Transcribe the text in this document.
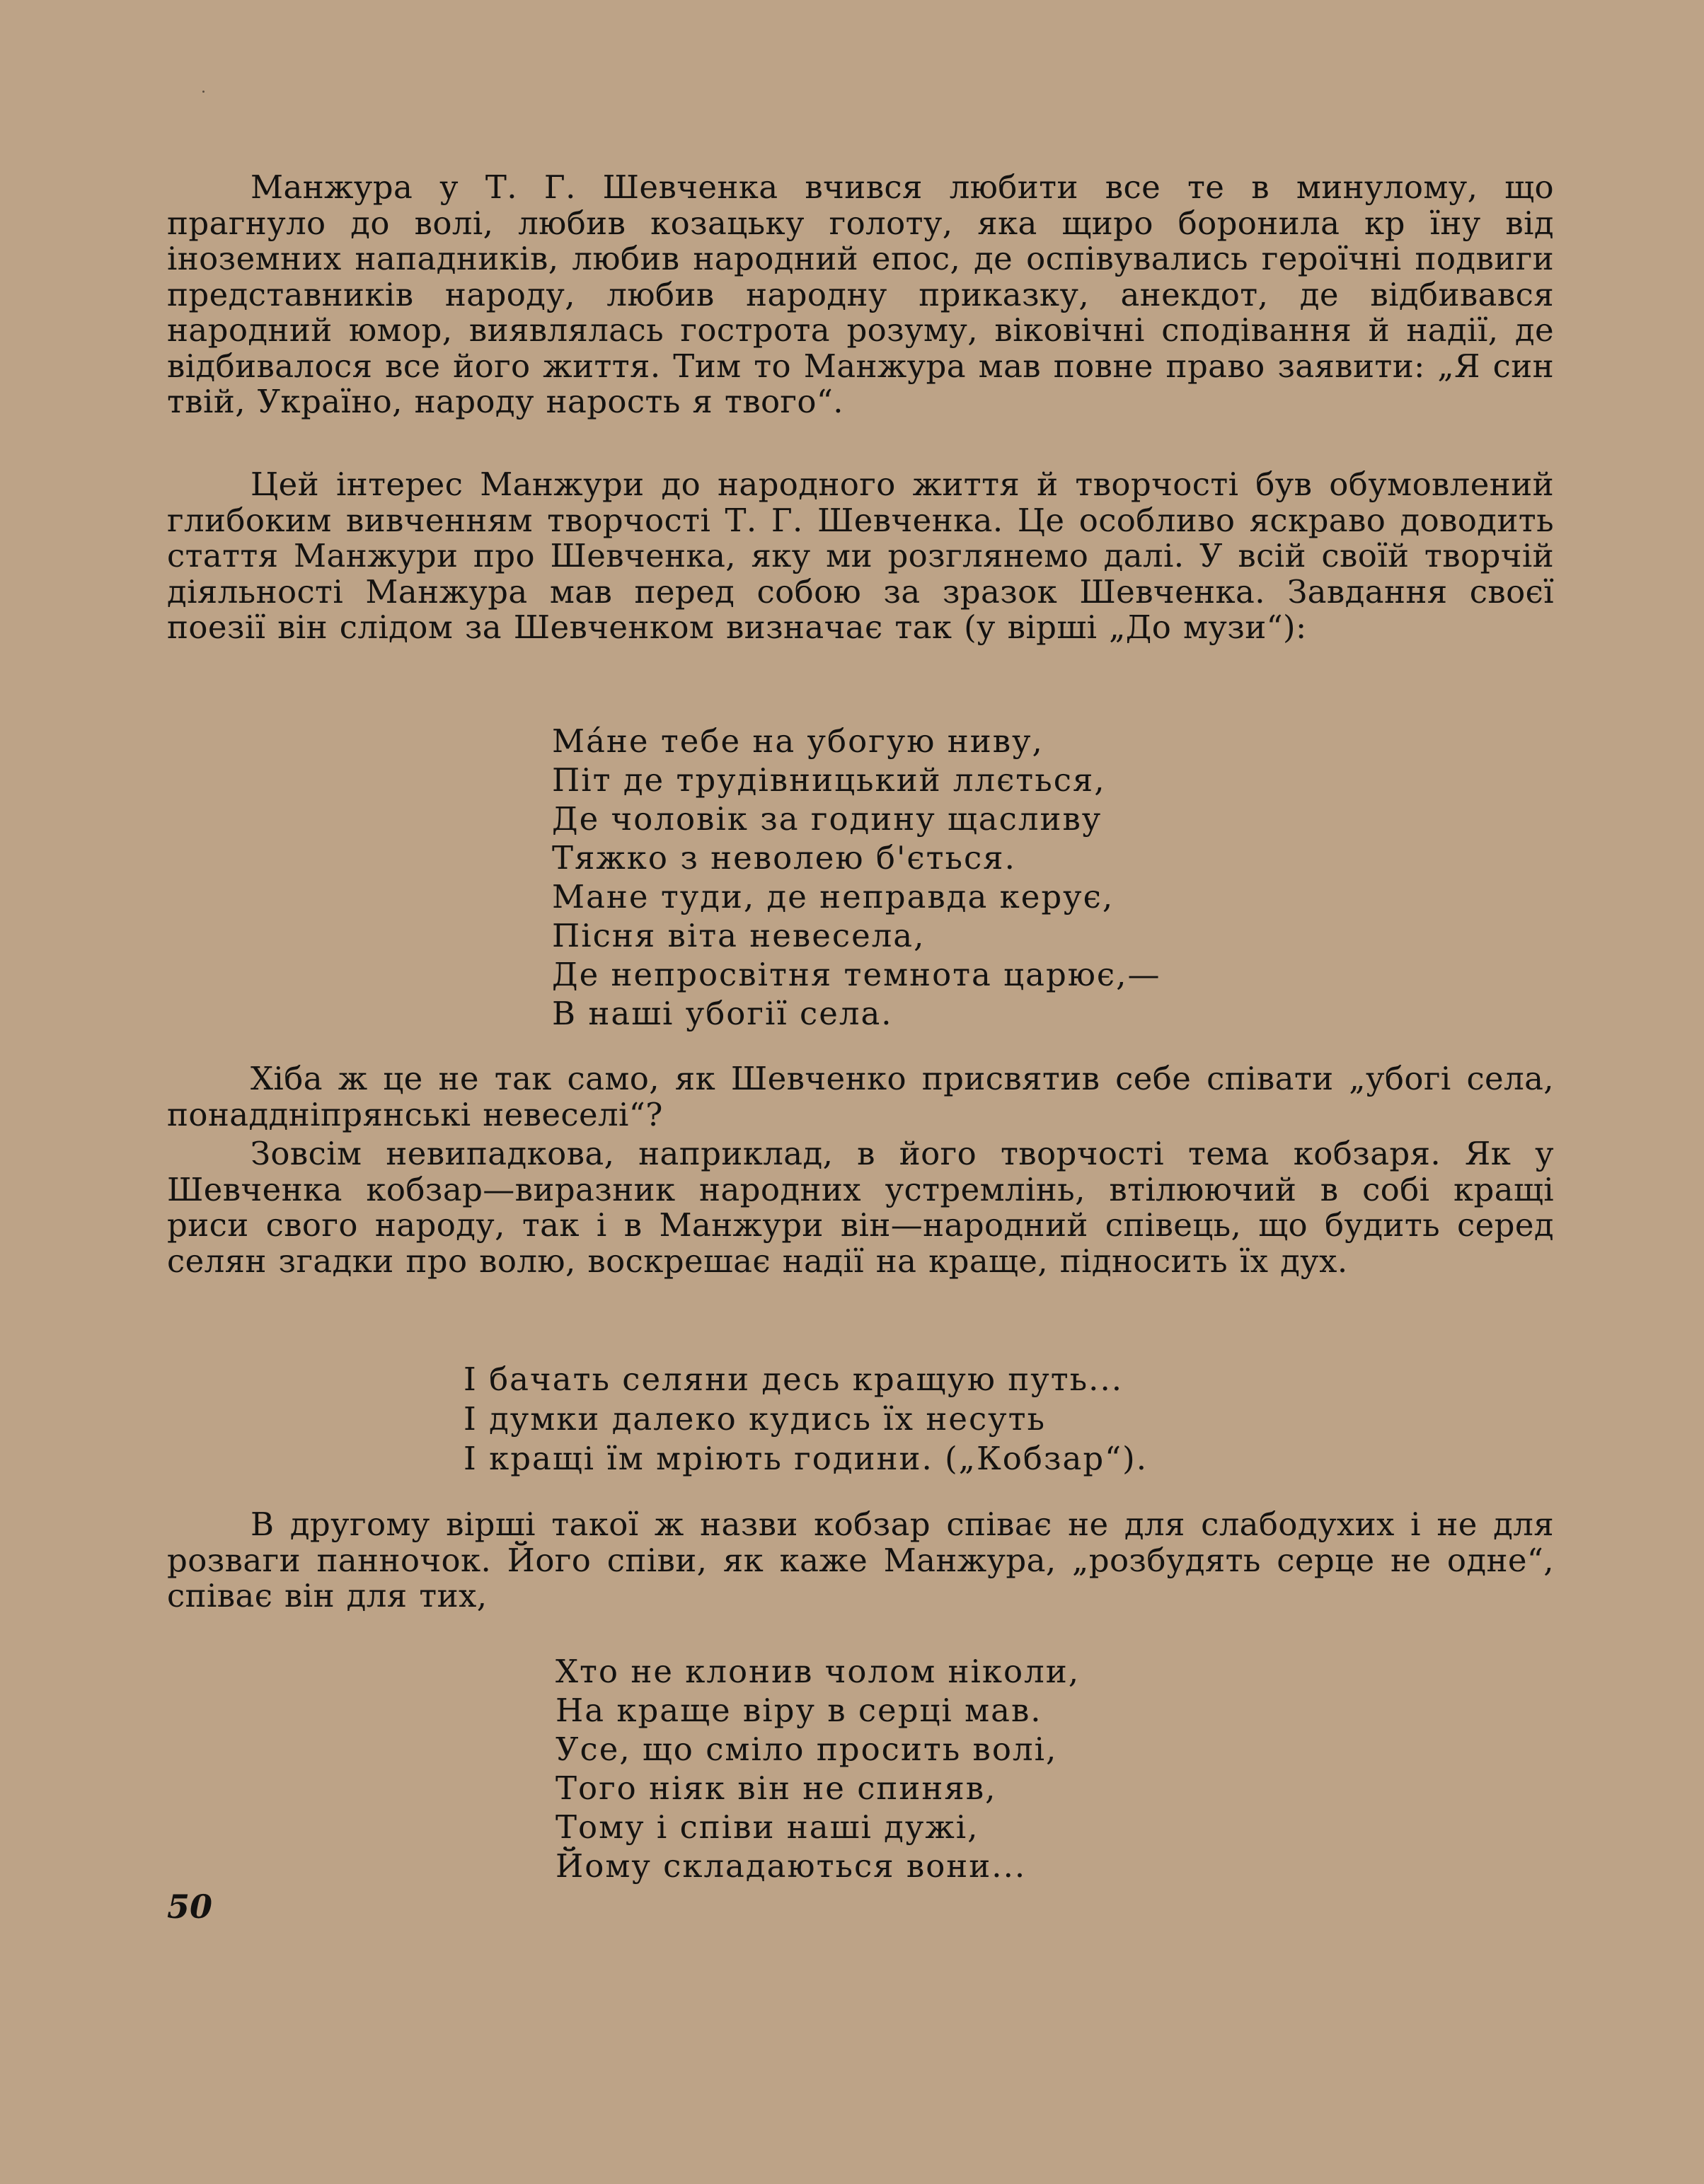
Манжура у Т. Г. Шевченка вчився любити все те в минулому, що прагнуло до волі, любив козацьку голоту, яка щиро боронила кр їну від іноземних нападників, любив народний епос, де оспівувались героїчні подвиги представників народу, любив народну приказку, анекдот, де відбивався народний юмор, виявлялась гострота розуму, віковічні сподівання й надії, де відбивалося все його життя. Тим то Манжура мав повне право заявити: „Я син твій, Україно, народу нарость я твого“.

Цей інтерес Манжури до народного життя й творчості був обумовлений глибоким вивченням творчості Т. Г. Шевченка. Це особливо яскраво доводить стаття Манжури про Шевченка, яку ми розглянемо далі. У всій своїй творчій діяльності Манжура мав перед собою за зразок Шевченка. Завдання своєї поезії він слідом за Шевченком визначає так (у вірші „До музи“):

Мáне тебе на убогую ниву,
Піт де трудівницький ллється,
Де чоловік за годину щасливу
Тяжко з неволею б'ється.
Мане туди, де неправда керує,
Пісня віта невесела,
Де непросвітня темнота царює,—
В наші убогії села.

Хіба ж це не так само, як Шевченко присвятив себе співати „убогі села, понаддніпрянські невеселі“?

Зовсім невипадкова, наприклад, в його творчості тема кобзаря. Як у Шевченка кобзар—виразник народних устремлінь, втілюючий в собі кращі риси свого народу, так і в Манжури він—народний співець, що будить серед селян згадки про волю, воскрешає надії на краще, підносить їх дух.

І бачать селяни десь кращую путь...
І думки далеко кудись їх несуть
І кращі їм мріють години. („Кобзар“).

В другому вірші такої ж назви кобзар співає не для слабодухих і не для розваги панночок. Його співи, як каже Манжура, „розбудять серце не одне“, співає він для тих,

Хто не клонив чолом ніколи,
На краще віру в серці мав.
Усе, що сміло просить волі,
Того ніяк він не спиняв,
Тому і співи наші дужі,
Йому складаються вони...
50
